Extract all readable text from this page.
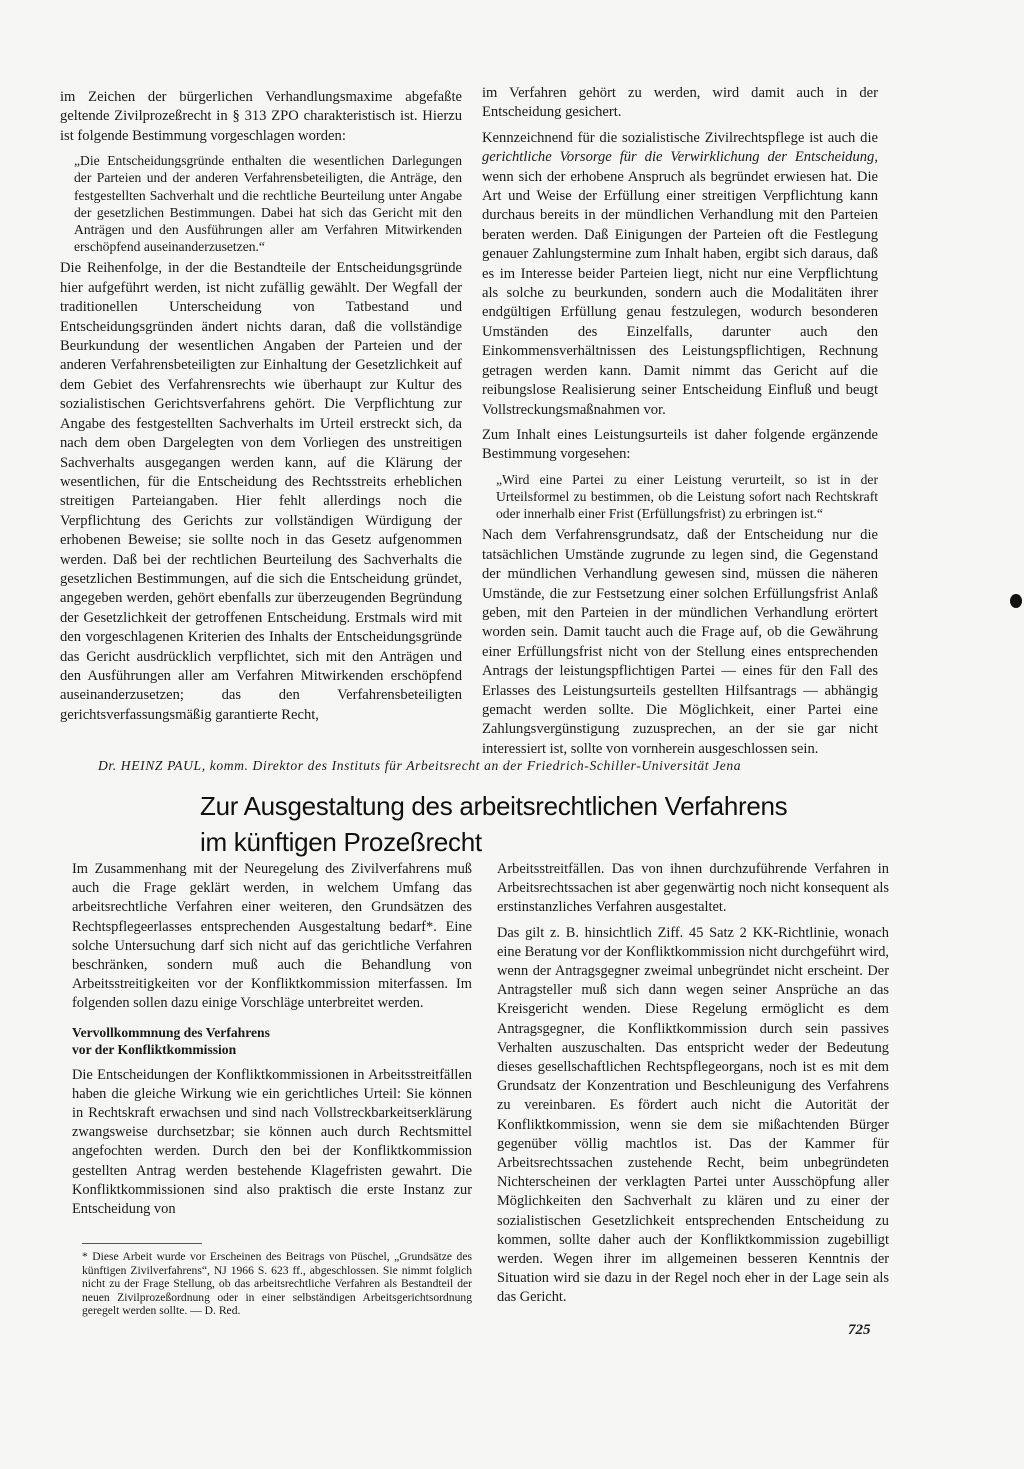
im Zeichen der bürgerlichen Verhandlungsmaxime abgefaßte geltende Zivilprozeßrecht in § 313 ZPO charakteristisch ist. Hierzu ist folgende Bestimmung vorgeschlagen worden:

„Die Entscheidungsgründe enthalten die wesentlichen Darlegungen der Parteien und der anderen Verfahrensbeteiligten, die Anträge, den festgestellten Sachverhalt und die rechtliche Beurteilung unter Angabe der gesetzlichen Bestimmungen. Dabei hat sich das Gericht mit den Anträgen und den Ausführungen aller am Verfahren Mitwirkenden erschöpfend auseinanderzusetzen.“

Die Reihenfolge, in der die Bestandteile der Entscheidungsgründe hier aufgeführt werden, ist nicht zufällig gewählt. Der Wegfall der traditionellen Unterscheidung von Tatbestand und Entscheidungsgründen ändert nichts daran, daß die vollständige Beurkundung der wesentlichen Angaben der Parteien und der anderen Verfahrensbeteiligten zur Einhaltung der Gesetzlichkeit auf dem Gebiet des Verfahrensrechts wie überhaupt zur Kultur des sozialistischen Gerichtsverfahrens gehört. Die Verpflichtung zur Angabe des festgestellten Sachverhalts im Urteil erstreckt sich, da nach dem oben Dargelegten von dem Vorliegen des unstreitigen Sachverhalts ausgegangen werden kann, auf die Klärung der wesentlichen, für die Entscheidung des Rechtsstreits erheblichen streitigen Parteiangaben. Hier fehlt allerdings noch die Verpflichtung des Gerichts zur vollständigen Würdigung der erhobenen Beweise; sie sollte noch in das Gesetz aufgenommen werden. Daß bei der rechtlichen Beurteilung des Sachverhalts die gesetzlichen Bestimmungen, auf die sich die Entscheidung gründet, angegeben werden, gehört ebenfalls zur überzeugenden Begründung der Gesetzlichkeit der getroffenen Entscheidung. Erstmals wird mit den vorgeschlagenen Kriterien des Inhalts der Entscheidungsgründe das Gericht ausdrücklich verpflichtet, sich mit den Anträgen und den Ausführungen aller am Verfahren Mitwirkenden erschöpfend auseinanderzusetzen; das den Verfahrensbeteiligten gerichtsverfassungsmäßig garantierte Recht,

im Verfahren gehört zu werden, wird damit auch in der Entscheidung gesichert.

Kennzeichnend für die sozialistische Zivilrechtspflege ist auch die gerichtliche Vorsorge für die Verwirklichung der Entscheidung, wenn sich der erhobene Anspruch als begründet erwiesen hat. Die Art und Weise der Erfüllung einer streitigen Verpflichtung kann durchaus bereits in der mündlichen Verhandlung mit den Parteien beraten werden. Daß Einigungen der Parteien oft die Festlegung genauer Zahlungstermine zum Inhalt haben, ergibt sich daraus, daß es im Interesse beider Parteien liegt, nicht nur eine Verpflichtung als solche zu beurkunden, sondern auch die Modalitäten ihrer endgültigen Erfüllung genau festzulegen, wodurch besonderen Umständen des Einzelfalls, darunter auch den Einkommensverhältnissen des Leistungspflichtigen, Rechnung getragen werden kann. Damit nimmt das Gericht auf die reibungslose Realisierung seiner Entscheidung Einfluß und beugt Vollstreckungsmaßnahmen vor.

Zum Inhalt eines Leistungsurteils ist daher folgende ergänzende Bestimmung vorgesehen:

„Wird eine Partei zu einer Leistung verurteilt, so ist in der Urteilsformel zu bestimmen, ob die Leistung sofort nach Rechtskraft oder innerhalb einer Frist (Erfüllungsfrist) zu erbringen ist.“

Nach dem Verfahrensgrundsatz, daß der Entscheidung nur die tatsächlichen Umstände zugrunde zu legen sind, die Gegenstand der mündlichen Verhandlung gewesen sind, müssen die näheren Umstände, die zur Festsetzung einer solchen Erfüllungsfrist Anlaß geben, mit den Parteien in der mündlichen Verhandlung erörtert worden sein. Damit taucht auch die Frage auf, ob die Gewährung einer Erfüllungsfrist nicht von der Stellung eines entsprechenden Antrags der leistungspflichtigen Partei — eines für den Fall des Erlasses des Leistungsurteils gestellten Hilfsantrags — abhängig gemacht werden sollte. Die Möglichkeit, einer Partei eine Zahlungsvergünstigung zuzusprechen, an der sie gar nicht interessiert ist, sollte von vornherein ausgeschlossen sein.

Dr. HEINZ PAUL, komm. Direktor des Instituts für Arbeitsrecht an der Friedrich-Schiller-Universität Jena
Zur Ausgestaltung des arbeitsrechtlichen Verfahrens
im künftigen Prozeßrecht

Im Zusammenhang mit der Neuregelung des Zivilverfahrens muß auch die Frage geklärt werden, in welchem Umfang das arbeitsrechtliche Verfahren einer weiteren, den Grundsätzen des Rechtspflegeerlasses entsprechenden Ausgestaltung bedarf*. Eine solche Untersuchung darf sich nicht auf das gerichtliche Verfahren beschränken, sondern muß auch die Behandlung von Arbeitsstreitigkeiten vor der Konfliktkommission miterfassen. Im folgenden sollen dazu einige Vorschläge unterbreitet werden.

Vervollkommnung des Verfahrens
vor der Konfliktkommission

Die Entscheidungen der Konfliktkommissionen in Arbeitsstreitfällen haben die gleiche Wirkung wie ein gerichtliches Urteil: Sie können in Rechtskraft erwachsen und sind nach Vollstreckbarkeitserklärung zwangsweise durchsetzbar; sie können auch durch Rechtsmittel angefochten werden. Durch den bei der Konfliktkommission gestellten Antrag werden bestehende Klagefristen gewahrt. Die Konfliktkommissionen sind also praktisch die erste Instanz zur Entscheidung von

Arbeitsstreitfällen. Das von ihnen durchzuführende Verfahren in Arbeitsrechtssachen ist aber gegenwärtig noch nicht konsequent als erstinstanzliches Verfahren ausgestaltet.

Das gilt z. B. hinsichtlich Ziff. 45 Satz 2 KK-Richtlinie, wonach eine Beratung vor der Konfliktkommission nicht durchgeführt wird, wenn der Antragsgegner zweimal unbegründet nicht erscheint. Der Antragsteller muß sich dann wegen seiner Ansprüche an das Kreisgericht wenden. Diese Regelung ermöglicht es dem Antragsgegner, die Konfliktkommission durch sein passives Verhalten auszuschalten. Das entspricht weder der Bedeutung dieses gesellschaftlichen Rechtspflegeorgans, noch ist es mit dem Grundsatz der Konzentration und Beschleunigung des Verfahrens zu vereinbaren. Es fördert auch nicht die Autorität der Konfliktkommission, wenn sie dem sie mißachtenden Bürger gegenüber völlig machtlos ist. Das der Kammer für Arbeitsrechtssachen zustehende Recht, beim unbegründeten Nichterscheinen der verklagten Partei unter Ausschöpfung aller Möglichkeiten den Sachverhalt zu klären und zu einer der sozialistischen Gesetzlichkeit entsprechenden Entscheidung zu kommen, sollte daher auch der Konfliktkommission zugebilligt werden. Wegen ihrer im allgemeinen besseren Kenntnis der Situation wird sie dazu in der Regel noch eher in der Lage sein als das Gericht.

* Diese Arbeit wurde vor Erscheinen des Beitrags von Püschel, „Grundsätze des künftigen Zivilverfahrens“, NJ 1966 S. 623 ff., abgeschlossen. Sie nimmt folglich nicht zu der Frage Stellung, ob das arbeitsrechtliche Verfahren als Bestandteil der neuen Zivilprozeßordnung oder in einer selbständigen Arbeitsgerichtsordnung geregelt werden sollte. — D. Red.
725
